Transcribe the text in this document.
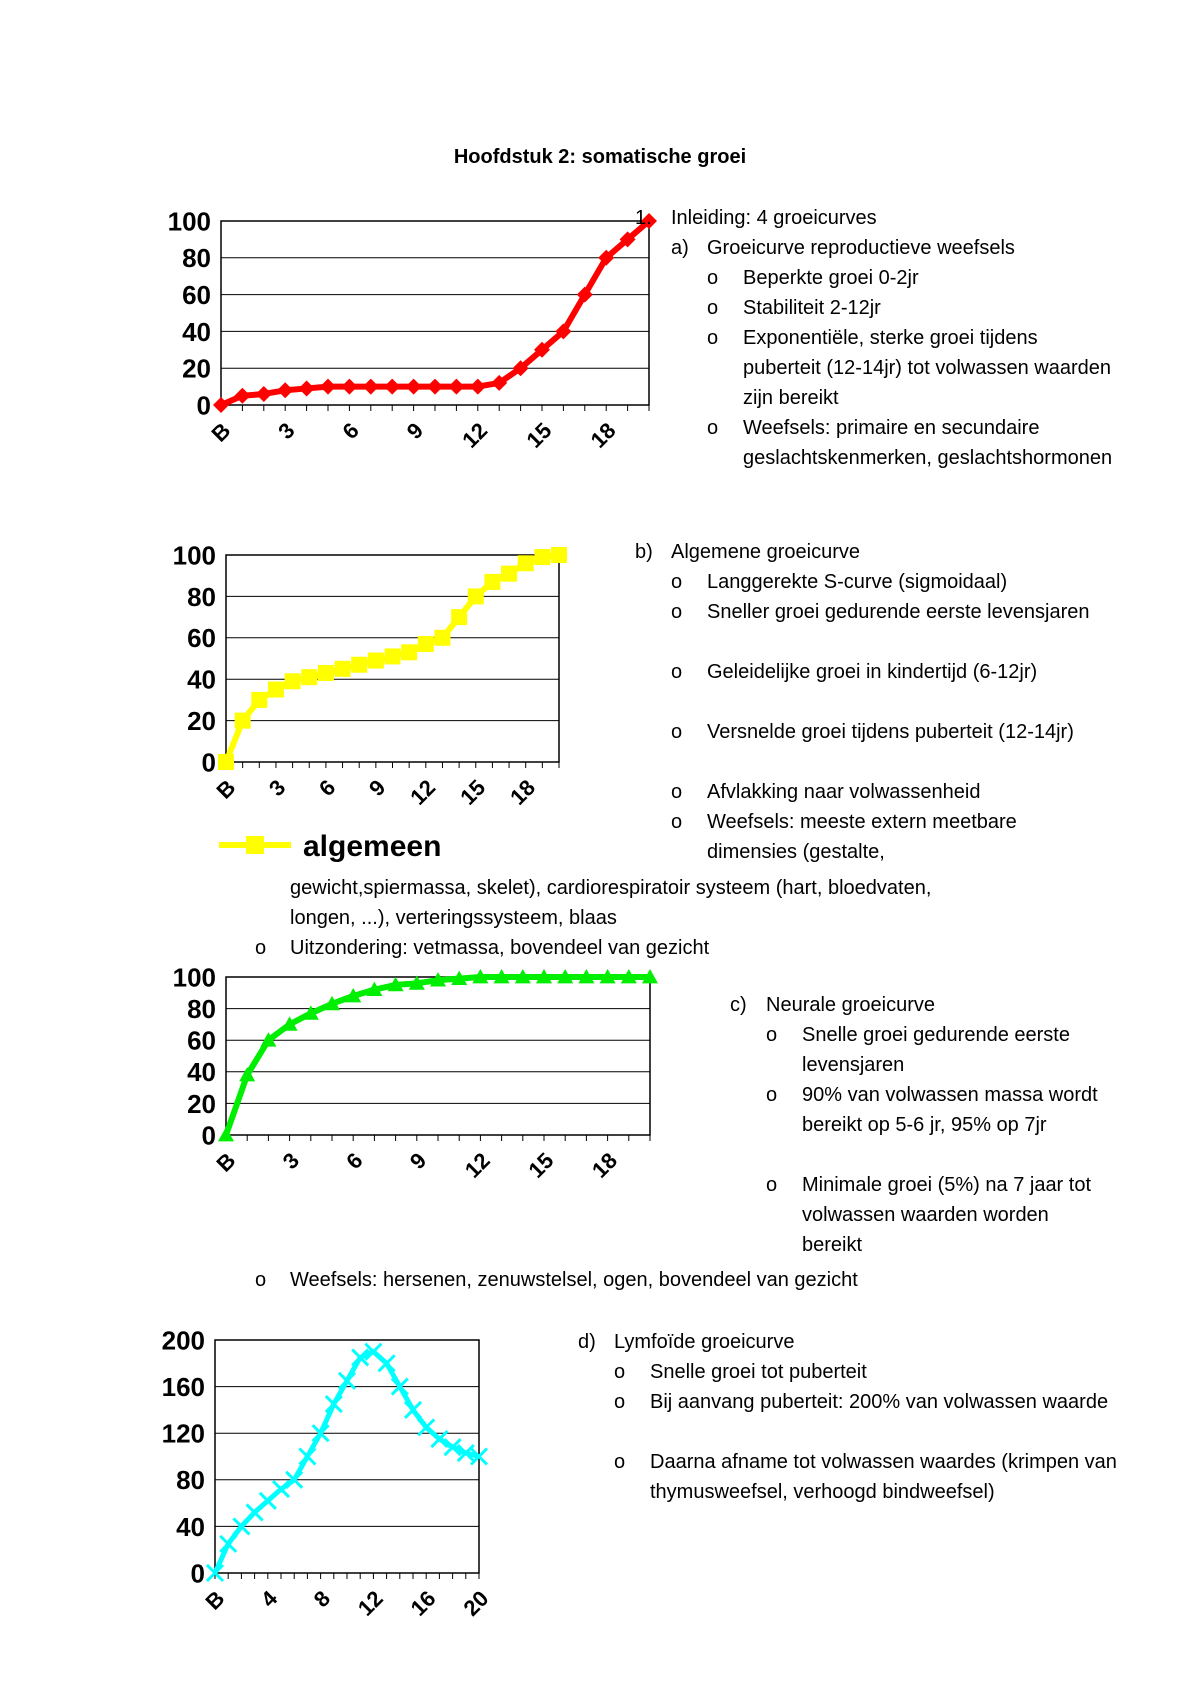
Hoofdstuk 2: somatische groei
100
80
60
40
20
0
B 3 6 9 12 15 18
100
80
60
40
20
0
B 3 6 9 12 15 18
algemeen
100
80
60
40
20
0
B 3 6 9 12 15 18
200
160
120
80
40
0
B 4 8 12 16 20
1. Inleiding: 4 groeicurves
a) Groeicurve reproductieve weefsels
o Beperkte groei 0-2jr
o Stabiliteit 2-12jr
o Exponentiële, sterke groei tijdens puberteit (12-14jr) tot volwassen waarden zijn bereikt
o Weefsels: primaire en secundaire geslachtskenmerken, geslachtshormonen
b) Algemene groeicurve
o Langgerekte S-curve (sigmoidaal)
o Sneller groei gedurende eerste levensjaren
o Geleidelijke groei in kindertijd (6-12jr)
o Versnelde groei tijdens puberteit (12-14jr)
o Afvlakking naar volwassenheid
o Weefsels: meeste extern meetbare dimensies (gestalte,
gewicht,spiermassa, skelet), cardiorespiratoir systeem (hart, bloedvaten,
longen, ...), verteringssysteem, blaas
o Uitzondering: vetmassa, bovendeel van gezicht
c) Neurale groeicurve
o Snelle groei gedurende eerste levensjaren
o 90% van volwassen massa wordt bereikt op 5-6 jr, 95% op 7jr
o Minimale groei (5%) na 7 jaar tot volwassen waarden worden bereikt
o Weefsels: hersenen, zenuwstelsel, ogen, bovendeel van gezicht
d) Lymfoïde groeicurve
o Snelle groei tot puberteit
o Bij aanvang puberteit: 200% van volwassen waarde
o Daarna afname tot volwassen waardes (krimpen van thymusweefsel, verhoogd bindweefsel)
